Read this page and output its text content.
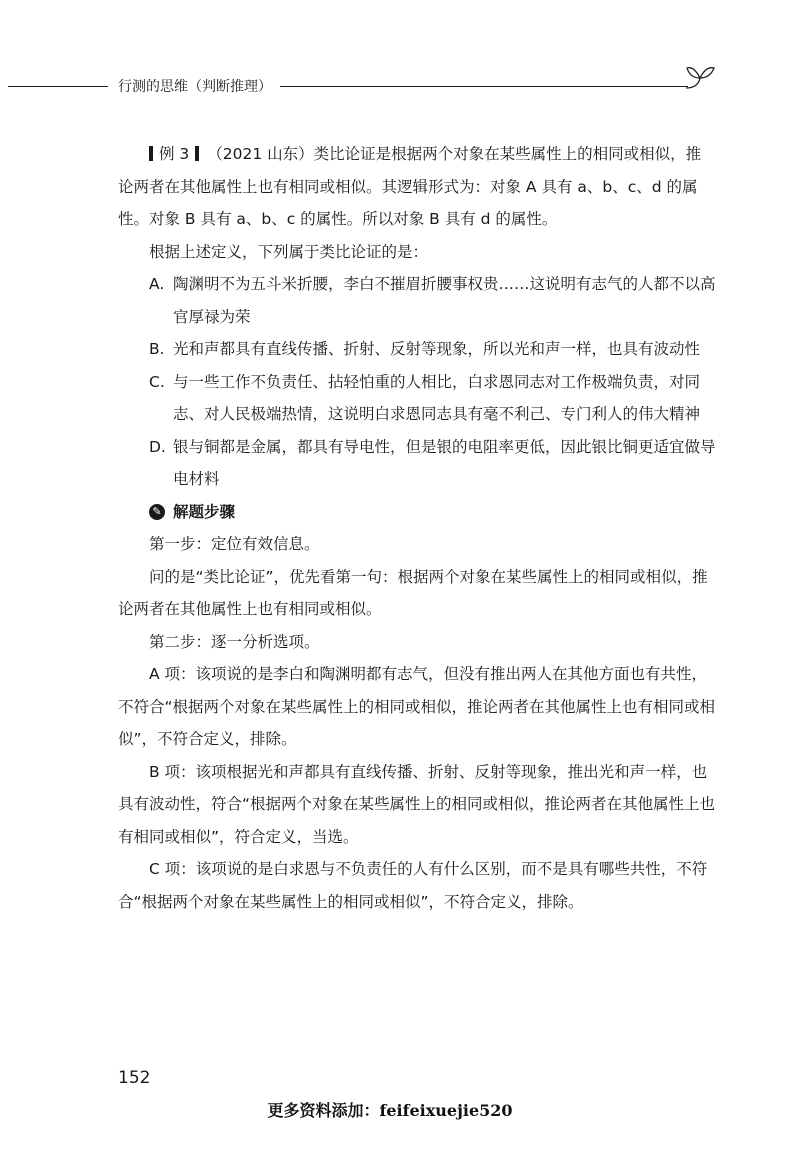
行测的思维（判断推理）

例 3 （2021 山东）类比论证是根据两个对象在某些属性上的相同或相似，推论两者在其他属性上也有相同或相似。其逻辑形式为：对象 A 具有 a、b、c、d 的属性。对象 B 具有 a、b、c 的属性。所以对象 B 具有 d 的属性。

根据上述定义，下列属于类比论证的是：

A. 陶渊明不为五斗米折腰，李白不摧眉折腰事权贵……这说明有志气的人都不以高官厚禄为荣

B. 光和声都具有直线传播、折射、反射等现象，所以光和声一样，也具有波动性

C. 与一些工作不负责任、拈轻怕重的人相比，白求恩同志对工作极端负责，对同志、对人民极端热情，这说明白求恩同志具有毫不利己、专门利人的伟大精神

D. 银与铜都是金属，都具有导电性，但是银的电阻率更低，因此银比铜更适宜做导电材料

✎ 解题步骤

第一步：定位有效信息。

问的是“类比论证”，优先看第一句：根据两个对象在某些属性上的相同或相似，推论两者在其他属性上也有相同或相似。

第二步：逐一分析选项。

A 项：该项说的是李白和陶渊明都有志气，但没有推出两人在其他方面也有共性，不符合“根据两个对象在某些属性上的相同或相似，推论两者在其他属性上也有相同或相似”，不符合定义，排除。

B 项：该项根据光和声都具有直线传播、折射、反射等现象，推出光和声一样，也具有波动性，符合“根据两个对象在某些属性上的相同或相似，推论两者在其他属性上也有相同或相似”，符合定义，当选。

C 项：该项说的是白求恩与不负责任的人有什么区别，而不是具有哪些共性，不符合“根据两个对象在某些属性上的相同或相似”，不符合定义，排除。

152
更多资料添加：feifeixuejie520
